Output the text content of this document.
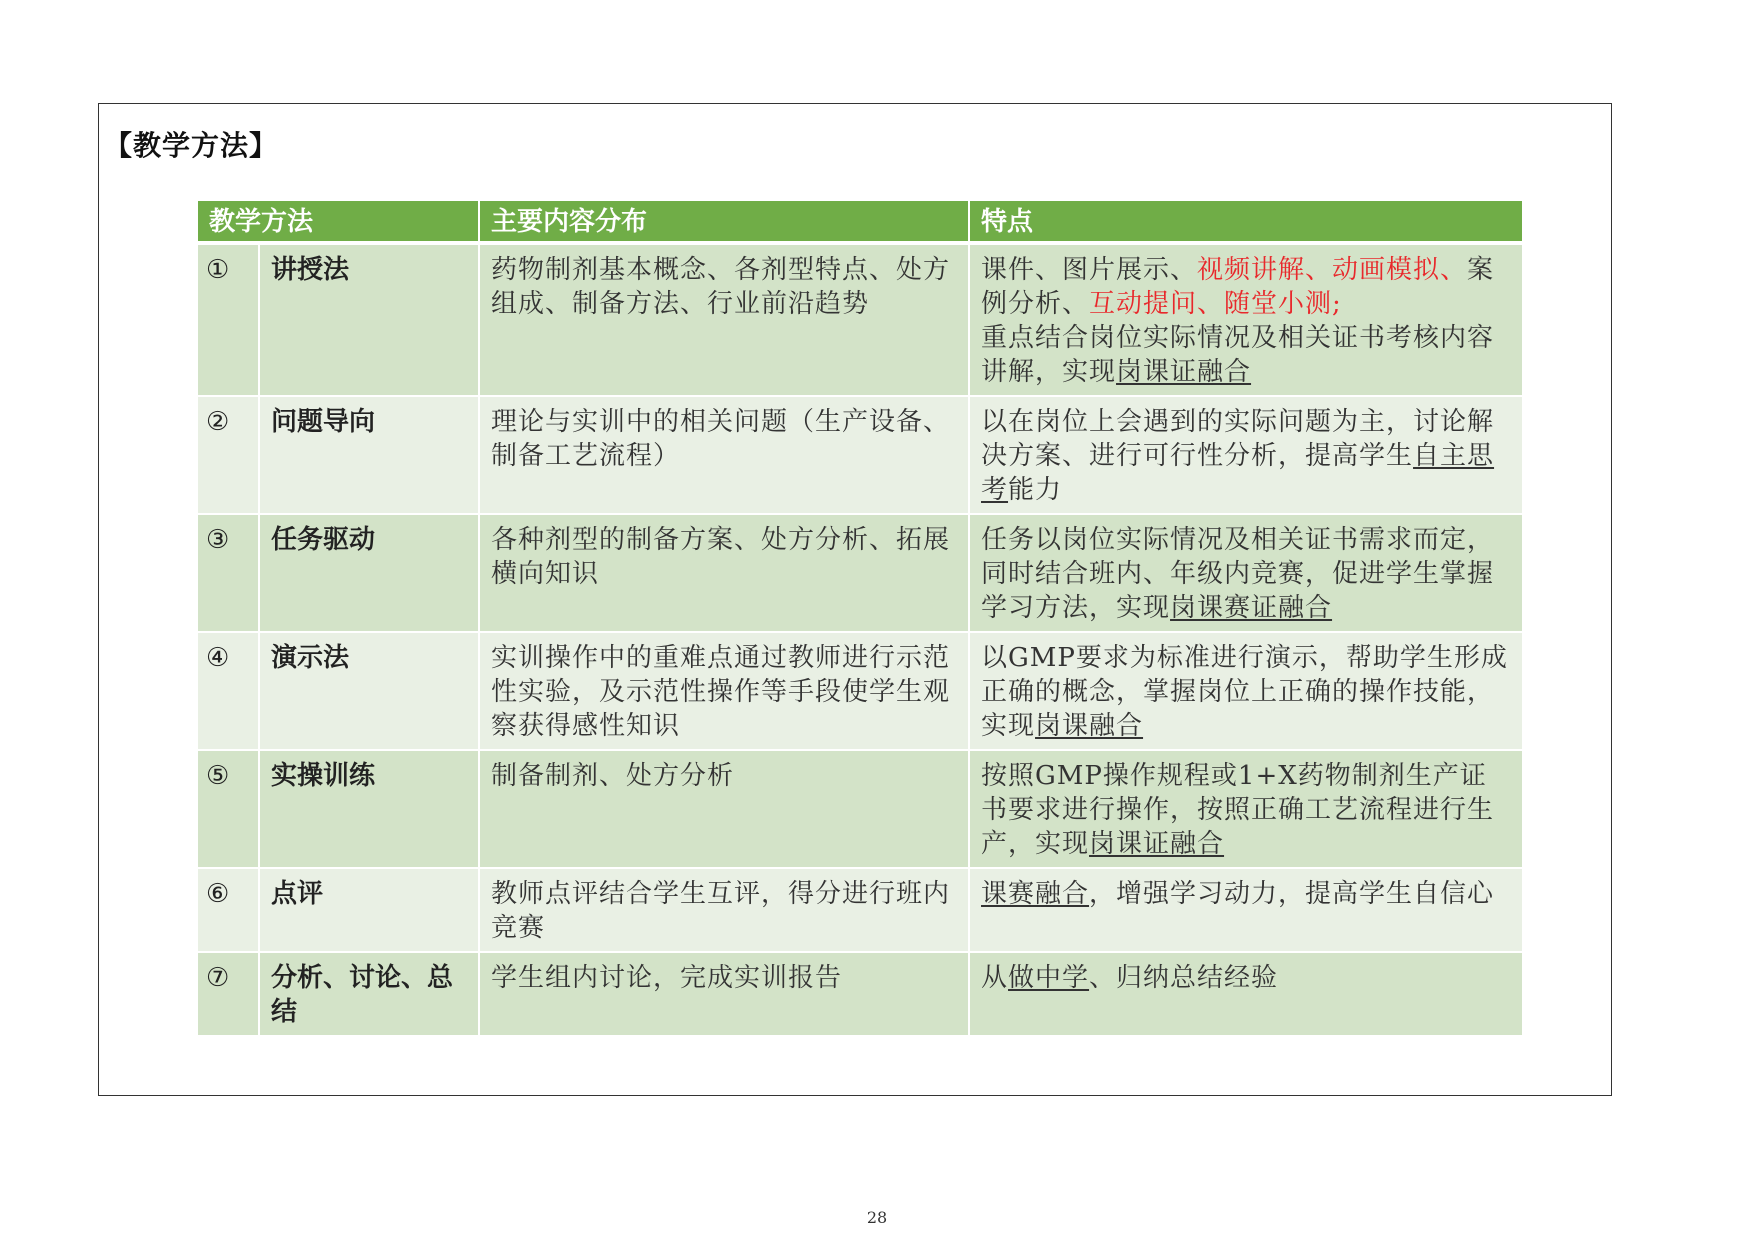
【教学方法】
教学方法		主要内容分布	特点
①	讲授法	药物制剂基本概念、各剂型特点、处方组成、制备方法、行业前沿趋势	课件、图片展示、视频讲解、动画模拟、案例分析、互动提问、随堂小测;
重点结合岗位实际情况及相关证书考核内容讲解，实现岗课证融合
②	问题导向	理论与实训中的相关问题（生产设备、制备工艺流程）	以在岗位上会遇到的实际问题为主，讨论解决方案、进行可行性分析，提高学生自主思考能力
③	任务驱动	各种剂型的制备方案、处方分析、拓展横向知识	任务以岗位实际情况及相关证书需求而定，同时结合班内、年级内竞赛，促进学生掌握学习方法，实现岗课赛证融合
④	演示法	实训操作中的重难点通过教师进行示范性实验，及示范性操作等手段使学生观察获得感性知识	以GMP要求为标准进行演示，帮助学生形成正确的概念，掌握岗位上正确的操作技能，实现岗课融合
⑤	实操训练	制备制剂、处方分析	按照GMP操作规程或1+X药物制剂生产证书要求进行操作，按照正确工艺流程进行生产，实现岗课证融合
⑥	点评	教师点评结合学生互评，得分进行班内竞赛	课赛融合，增强学习动力，提高学生自信心
⑦	分析、讨论、总结	学生组内讨论，完成实训报告	从做中学、归纳总结经验
28
